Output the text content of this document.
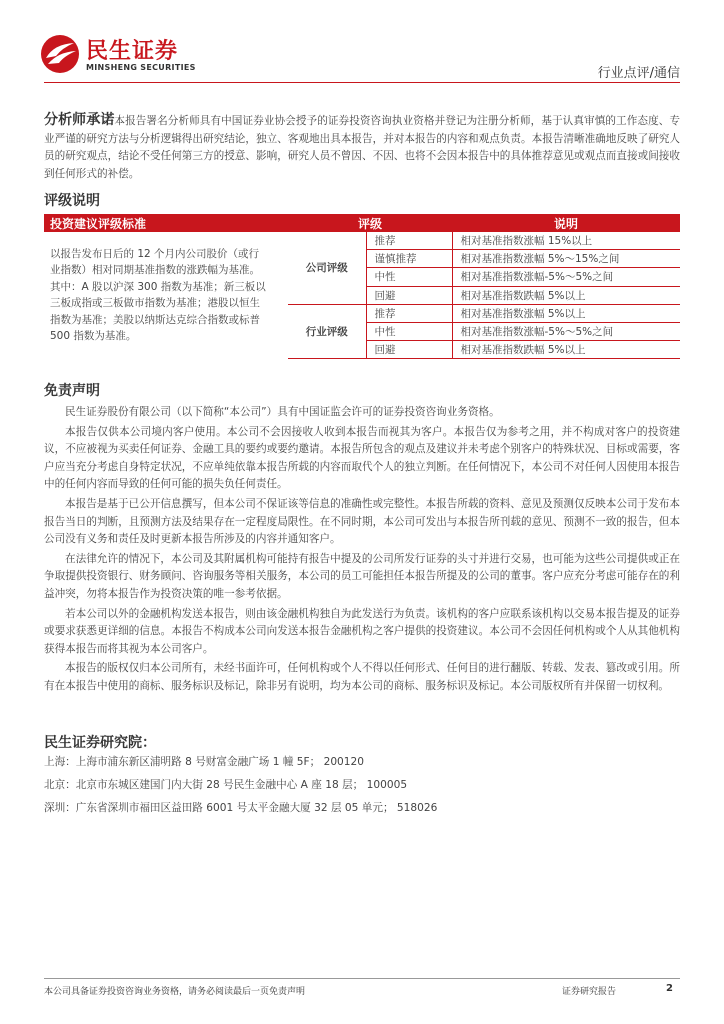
民生证券
MINSHENG SECURITIES	行业点评/通信
分析师承诺本报告署名分析师具有中国证券业协会授予的证券投资咨询执业资格并登记为注册分析师，基于认真审慎的工作态度、专业严谨的研究方法与分析逻辑得出研究结论，独立、客观地出具本报告，并对本报告的内容和观点负责。本报告清晰准确地反映了研究人员的研究观点，结论不受任何第三方的授意、影响，研究人员不曾因、不因、也将不会因本报告中的具体推荐意见或观点而直接或间接收到任何形式的补偿。
评级说明
投资建议评级标准	评级		说明
以报告发布日后的 12 个月内公司股价（或行业指数）相对同期基准指数的涨跌幅为基准。其中：A 股以沪深 300 指数为基准；新三板以三板成指或三板做市指数为基准；港股以恒生指数为基准；美股以纳斯达克综合指数或标普 500 指数为基准。	公司评级	推荐	相对基准指数涨幅 15%以上
		谨慎推荐	相对基准指数涨幅 5%～15%之间
		中性	相对基准指数涨幅-5%～5%之间
		回避	相对基准指数跌幅 5%以上
	行业评级	推荐	相对基准指数涨幅 5%以上
		中性	相对基准指数涨幅-5%～5%之间
		回避	相对基准指数跌幅 5%以上
免责声明

民生证券股份有限公司（以下简称“本公司”）具有中国证监会许可的证券投资咨询业务资格。

本报告仅供本公司境内客户使用。本公司不会因接收人收到本报告而视其为客户。本报告仅为参考之用，并不构成对客户的投资建议，不应被视为买卖任何证券、金融工具的要约或要约邀请。本报告所包含的观点及建议并未考虑个别客户的特殊状况、目标或需要，客户应当充分考虑自身特定状况，不应单纯依靠本报告所载的内容而取代个人的独立判断。在任何情况下，本公司不对任何人因使用本报告中的任何内容而导致的任何可能的损失负任何责任。

本报告是基于已公开信息撰写，但本公司不保证该等信息的准确性或完整性。本报告所载的资料、意见及预测仅反映本公司于发布本报告当日的判断，且预测方法及结果存在一定程度局限性。在不同时期，本公司可发出与本报告所刊载的意见、预测不一致的报告，但本公司没有义务和责任及时更新本报告所涉及的内容并通知客户。

在法律允许的情况下，本公司及其附属机构可能持有报告中提及的公司所发行证券的头寸并进行交易，也可能为这些公司提供或正在争取提供投资银行、财务顾问、咨询服务等相关服务，本公司的员工可能担任本报告所提及的公司的董事。客户应充分考虑可能存在的利益冲突，勿将本报告作为投资决策的唯一参考依据。

若本公司以外的金融机构发送本报告，则由该金融机构独自为此发送行为负责。该机构的客户应联系该机构以交易本报告提及的证券或要求获悉更详细的信息。本报告不构成本公司向发送本报告金融机构之客户提供的投资建议。本公司不会因任何机构或个人从其他机构获得本报告而将其视为本公司客户。

本报告的版权仅归本公司所有，未经书面许可，任何机构或个人不得以任何形式、任何目的进行翻版、转载、发表、篡改或引用。所有在本报告中使用的商标、服务标识及标记，除非另有说明，均为本公司的商标、服务标识及标记。本公司版权所有并保留一切权利。

民生证券研究院：
上海：上海市浦东新区浦明路 8 号财富金融广场 1 幢 5F； 200120
北京：北京市东城区建国门内大街 28 号民生金融中心 A 座 18 层； 100005
深圳：广东省深圳市福田区益田路 6001 号太平金融大厦 32 层 05 单元； 518026
本公司具备证券投资咨询业务资格，请务必阅读最后一页免责声明	证券研究报告	2
